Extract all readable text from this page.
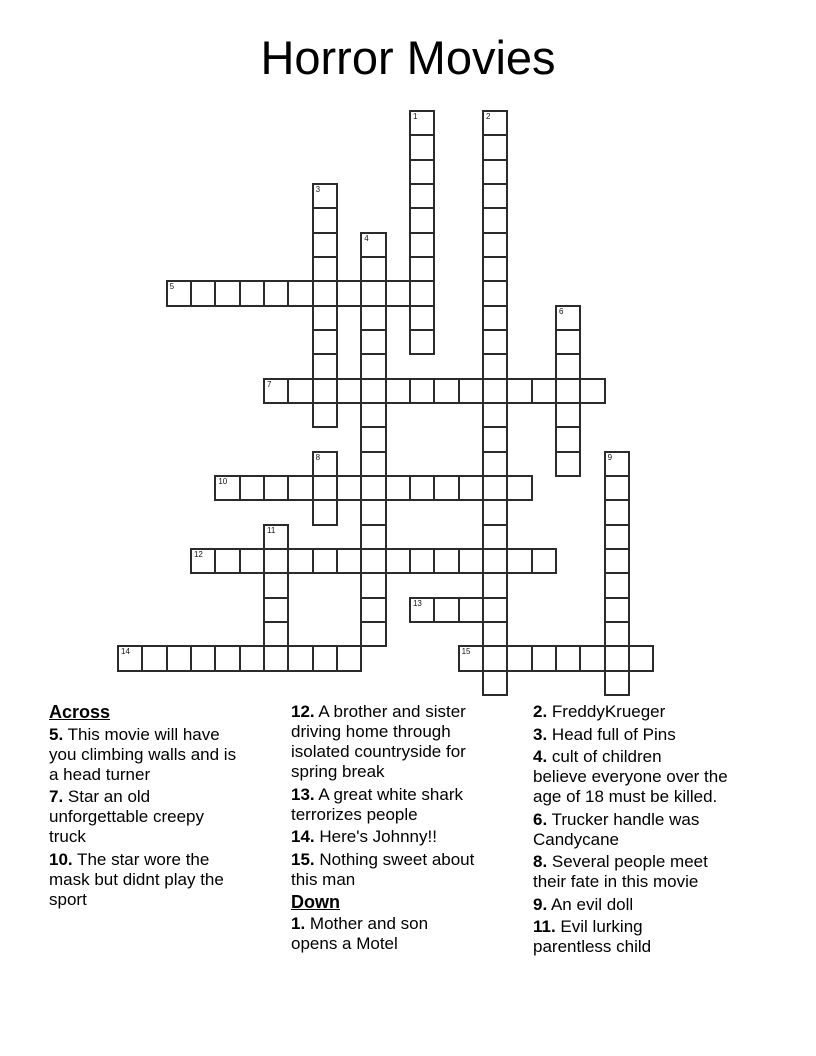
Horror Movies
5
7
10
12
13
14	15
1	2
3
4
6
8	9
11

Across

5. This movie will have
you climbing walls and is
a head turner

7. Star an old
unforgettable creepy
truck

10. The star wore the
mask but didnt play the
sport

12. A brother and sister
driving home through
isolated countryside for
spring break

13. A great white shark
terrorizes people

14. Here's Johnny!!

15. Nothing sweet about
this man

Down

1. Mother and son
opens a Motel

2. FreddyKrueger

3. Head full of Pins

4. cult of children
believe everyone over the
age of 18 must be killed.

6. Trucker handle was
Candycane

8. Several people meet
their fate in this movie

9. An evil doll

11. Evil lurking
parentless child
